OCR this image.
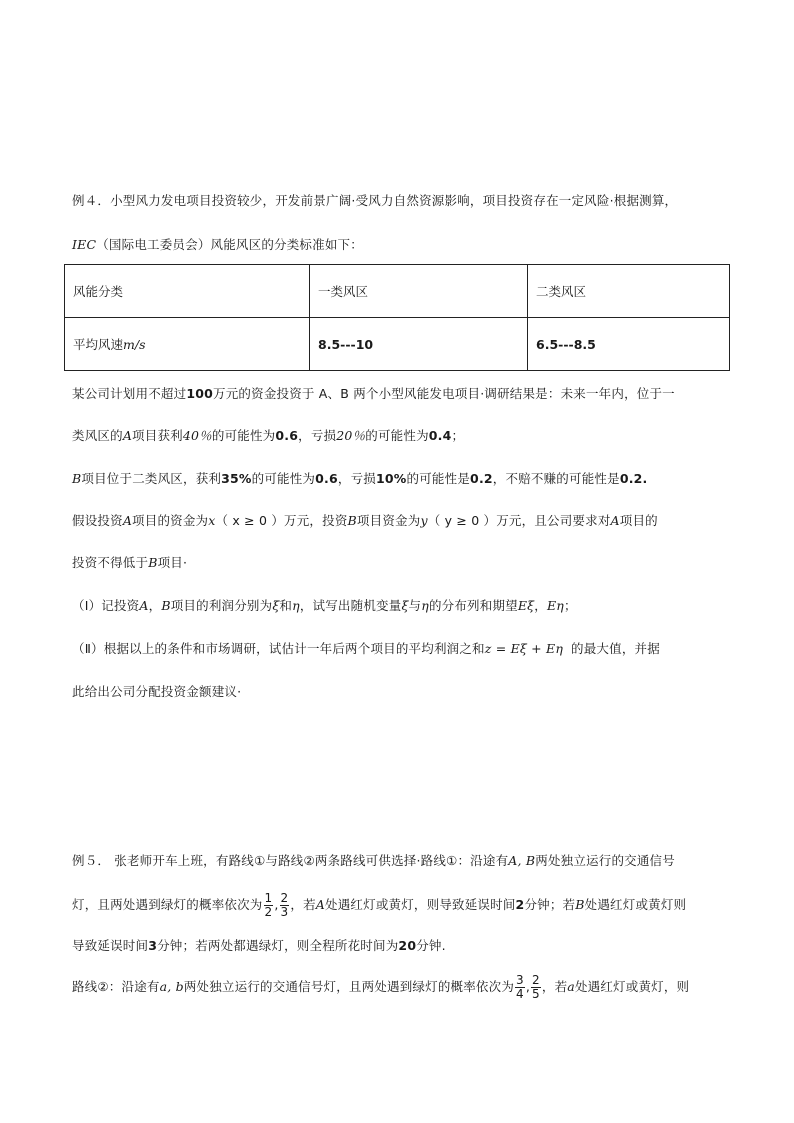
例４．小型风力发电项目投资较少，开发前景广阔·受风力自然资源影响，项目投资存在一定风险·根据测算，
IEC（国际电工委员会）风能风区的分类标准如下：
风能分类	一类风区	二类风区
平均风速m/s	8.5---10	6.5---8.5
某公司计划用不超过100万元的资金投资于 A、B 两个小型风能发电项目·调研结果是：未来一年内，位于一
类风区的A项目获利40％的可能性为0.6，亏损20％的可能性为0.4；
B项目位于二类风区，获利35%的可能性为0.6，亏损10%的可能性是0.2，不赔不赚的可能性是0.2.
假设投资A项目的资金为x（ x ≥ 0 ）万元，投资B项目资金为y（ y ≥ 0 ）万元，且公司要求对A项目的
投资不得低于B项目·
（Ⅰ）记投资A，B项目的利润分别为ξ和η，试写出随机变量ξ与η的分布列和期望Eξ，Eη；
（Ⅱ）根据以上的条件和市场调研，试估计一年后两个项目的平均利润之和z = Eξ + Eη 的最大值，并据
此给出公司分配投资金额建议·
例５． 张老师开车上班，有路线①与路线②两条路线可供选择·路线①：沿途有A, B两处独立运行的交通信号
灯，且两处遇到绿灯的概率依次为 $\frac{1}{2}$ , $\frac{2}{3}$ ，若A处遇红灯或黄灯，则导致延误时间2分钟；若B处遇红灯或黄灯则
导致延误时间3分钟；若两处都遇绿灯，则全程所花时间为20分钟.
路线②：沿途有a, b两处独立运行的交通信号灯，且两处遇到绿灯的概率依次为 $\frac{3}{4}$ , $\frac{2}{5}$ ，若a处遇红灯或黄灯，则
